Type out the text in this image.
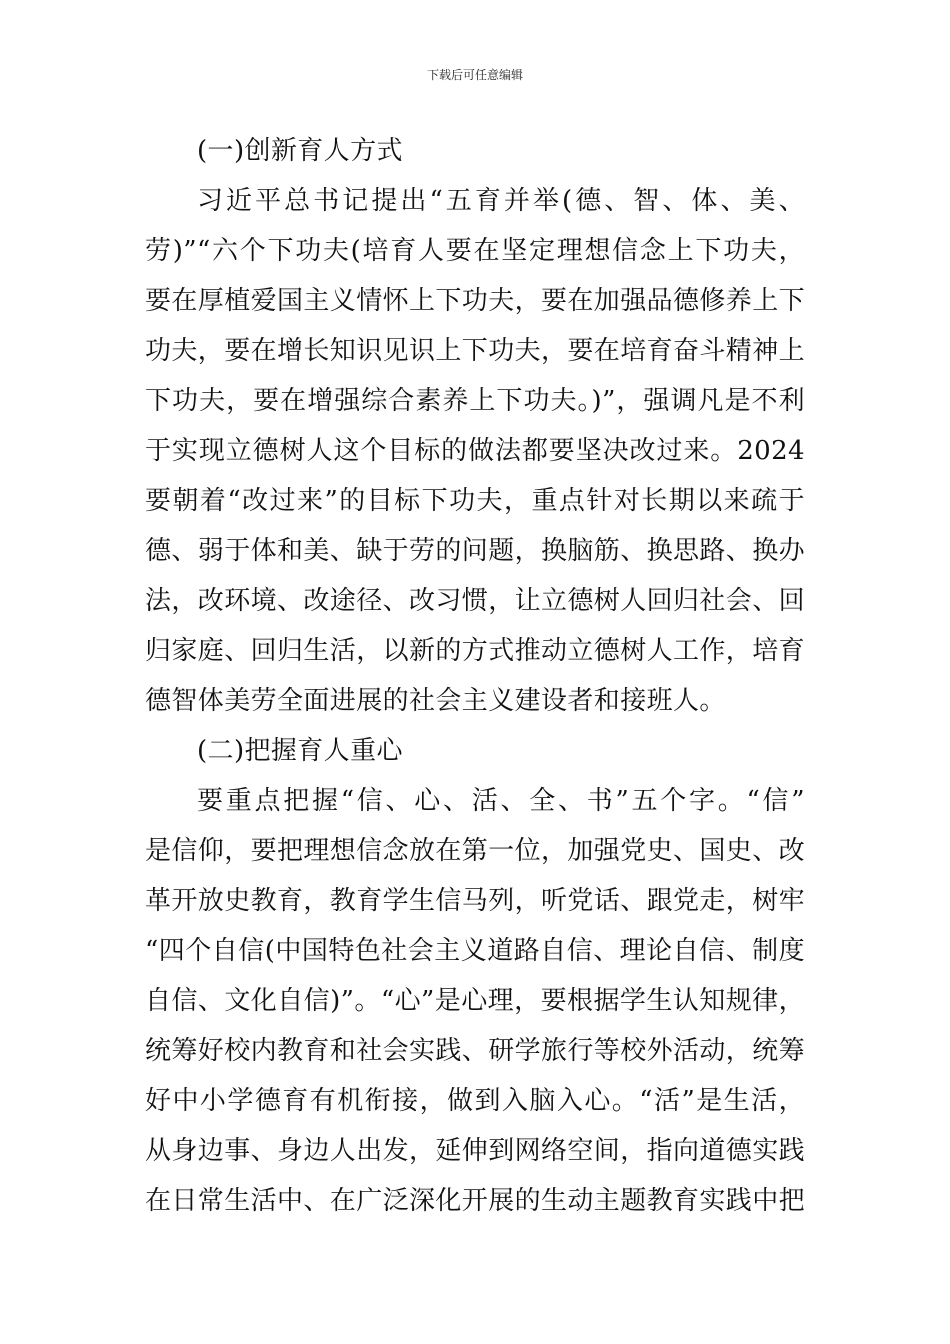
下载后可任意编辑
(一)创新育人方式
习近平总书记提出“五育并举(德、智、体、美、
劳)”“六个下功夫(培育人要在坚定理想信念上下功夫，
要在厚植爱国主义情怀上下功夫，要在加强品德修养上下
功夫，要在增长知识见识上下功夫，要在培育奋斗精神上
下功夫，要在增强综合素养上下功夫。)”，强调凡是不利
于实现立德树人这个目标的做法都要坚决改过来。2024
要朝着“改过来”的目标下功夫，重点针对长期以来疏于
德、弱于体和美、缺于劳的问题，换脑筋、换思路、换办
法，改环境、改途径、改习惯，让立德树人回归社会、回
归家庭、回归生活，以新的方式推动立德树人工作，培育
德智体美劳全面进展的社会主义建设者和接班人。
(二)把握育人重心
要重点把握“信、心、活、全、书”五个字。“信”
是信仰，要把理想信念放在第一位，加强党史、国史、改
革开放史教育，教育学生信马列，听党话、跟党走，树牢
“四个自信(中国特色社会主义道路自信、理论自信、制度
自信、文化自信)”。“心”是心理，要根据学生认知规律，
统筹好校内教育和社会实践、研学旅行等校外活动，统筹
好中小学德育有机衔接，做到入脑入心。“活”是生活，
从身边事、身边人出发，延伸到网络空间，指向道德实践
在日常生活中、在广泛深化开展的生动主题教育实践中把
